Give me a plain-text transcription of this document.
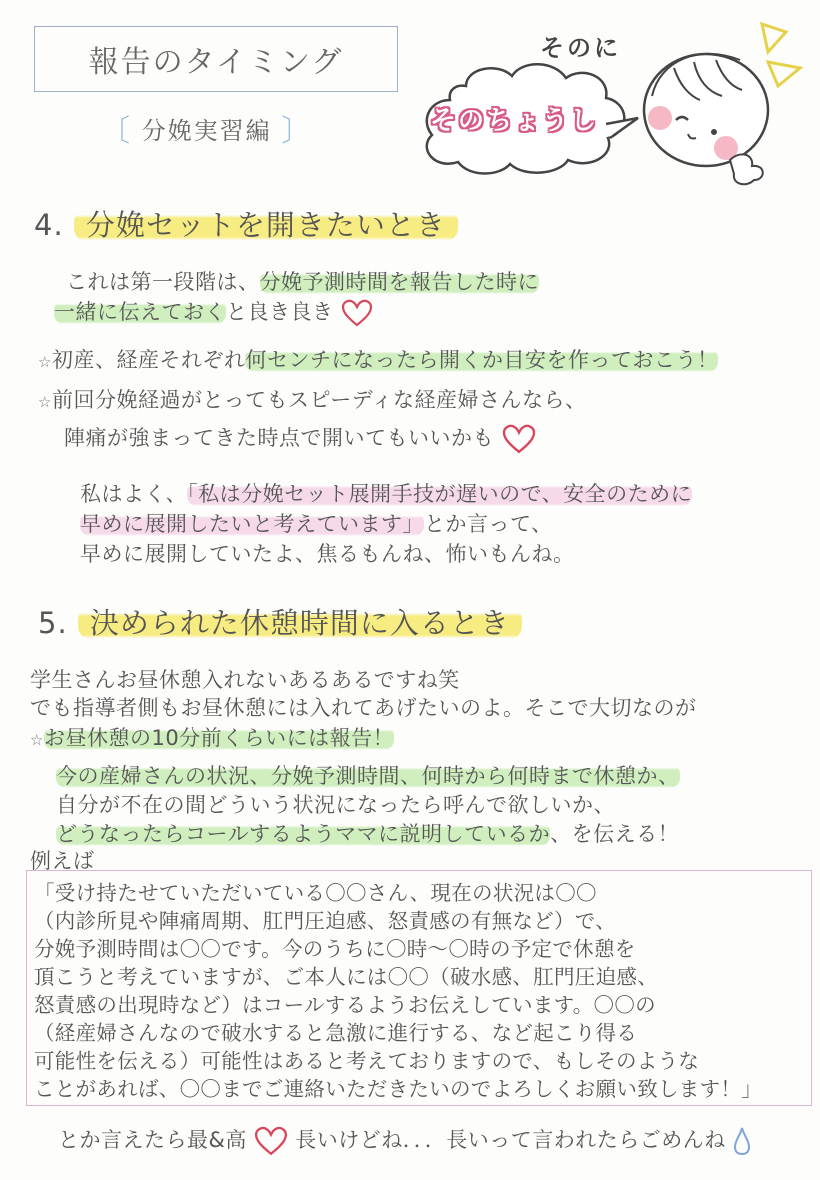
報告のタイミング
〔 分娩実習編 〕
そのに
そのちょうし
4. 分娩セットを開きたいとき
これは第一段階は、分娩予測時間を報告した時に
一緒に伝えておくと良き良き
☆初産、経産それぞれ何センチになったら開くか目安を作っておこう！
☆前回分娩経過がとってもスピーディな経産婦さんなら、
陣痛が強まってきた時点で開いてもいいかも
私はよく、「私は分娩セット展開手技が遅いので、安全のために
早めに展開したいと考えています」とか言って、
早めに展開していたよ、焦るもんね、怖いもんね。
5. 決められた休憩時間に入るとき
学生さんお昼休憩入れないあるあるですね笑
でも指導者側もお昼休憩には入れてあげたいのよ。そこで大切なのが
☆お昼休憩の10分前くらいには報告！
今の産婦さんの状況、分娩予測時間、何時から何時まで休憩か、
自分が不在の間どういう状況になったら呼んで欲しいか、
どうなったらコールするようママに説明しているか、を伝える！
例えば
「受け持たせていただいている〇〇さん、現在の状況は〇〇
（内診所見や陣痛周期、肛門圧迫感、怒責感の有無など）で、
分娩予測時間は〇〇です。今のうちに〇時〜〇時の予定で休憩を
頂こうと考えていますが、ご本人には〇〇（破水感、肛門圧迫感、
怒責感の出現時など）はコールするようお伝えしています。〇〇の
（経産婦さんなので破水すると急激に進行する、など起こり得る
可能性を伝える）可能性はあると考えておりますので、もしそのような
ことがあれば、〇〇までご連絡いただきたいのでよろしくお願い致します！」
とか言えたら最&高 長いけどね．．．長いって言われたらごめんね
